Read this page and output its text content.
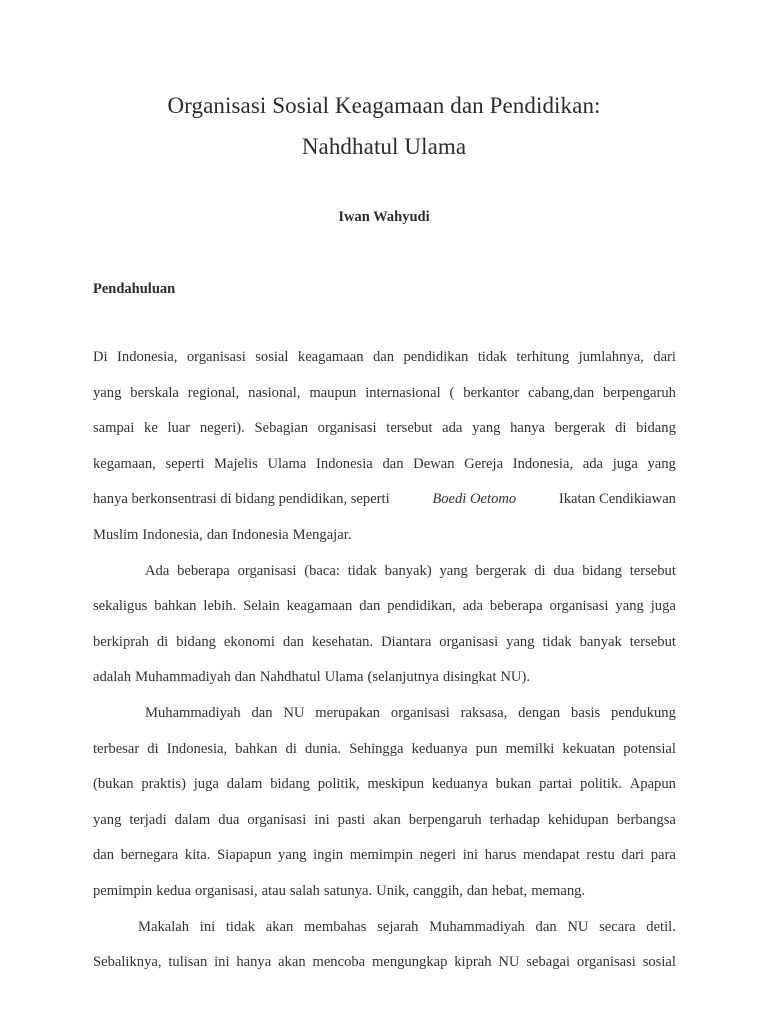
Organisasi Sosial Keagamaan dan Pendidikan:
Nahdhatul Ulama
Iwan Wahyudi
Pendahuluan
Di Indonesia, organisasi sosial keagamaan dan pendidikan tidak terhitung jumlahnya, dari
yang berskala regional, nasional, maupun internasional ( berkantor cabang,dan berpengaruh
sampai ke luar negeri). Sebagian organisasi tersebut ada yang hanya bergerak di bidang
kegamaan, seperti Majelis Ulama Indonesia dan Dewan Gereja Indonesia, ada juga yang
hanya berkonsentrasi di bidang pendidikan, seperti	Boedi Oetomo	Ikatan Cendikiawan
Muslim Indonesia, dan Indonesia Mengajar.
Ada beberapa organisasi (baca: tidak banyak) yang bergerak di dua bidang tersebut
sekaligus bahkan lebih. Selain keagamaan dan pendidikan, ada beberapa organisasi yang juga
berkiprah di bidang ekonomi dan kesehatan. Diantara organisasi yang tidak banyak tersebut
adalah Muhammadiyah dan Nahdhatul Ulama (selanjutnya disingkat NU).
Muhammadiyah dan NU merupakan organisasi raksasa, dengan basis pendukung
terbesar di Indonesia, bahkan di dunia. Sehingga keduanya pun memilki kekuatan potensial
(bukan praktis) juga dalam bidang politik, meskipun keduanya bukan partai politik. Apapun
yang terjadi dalam dua organisasi ini pasti akan berpengaruh terhadap kehidupan berbangsa
dan bernegara kita. Siapapun yang ingin memimpin negeri ini harus mendapat restu dari para
pemimpin kedua organisasi, atau salah satunya. Unik, canggih, dan hebat, memang.
Makalah ini tidak akan membahas sejarah Muhammadiyah dan NU secara detil.
Sebaliknya, tulisan ini hanya akan mencoba mengungkap kiprah NU sebagai organisasi sosial
